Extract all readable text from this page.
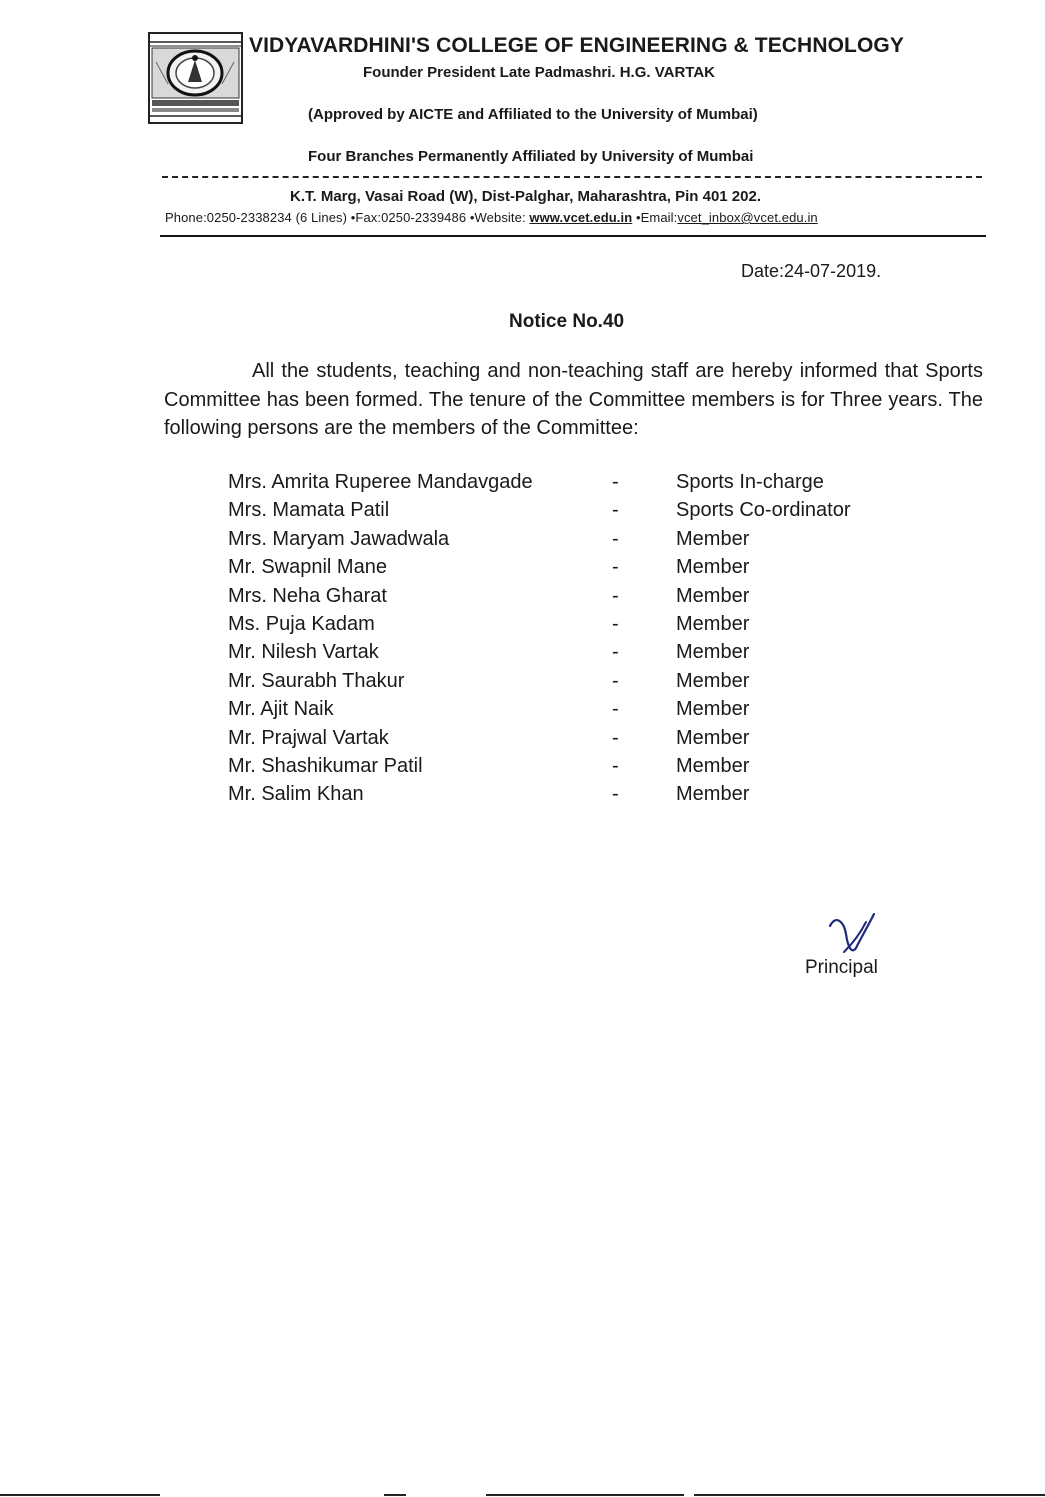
VIDYAVARDHINI'S COLLEGE OF ENGINEERING & TECHNOLOGY
Founder President Late Padmashri. H.G. VARTAK
(Approved by AICTE and Affiliated to the University of Mumbai)
Four Branches Permanently Affiliated by University of Mumbai
K.T. Marg, Vasai Road (W), Dist-Palghar, Maharashtra, Pin 401 202.
Phone:0250-2338234 (6 Lines) •Fax:0250-2339486 •Website: www.vcet.edu.in •Email:vcet_inbox@vcet.edu.in
Date:24-07-2019.
Notice No.40

All the students, teaching and non-teaching staff are hereby informed that Sports Committee has been formed. The tenure of the Committee members is for Three years. The following persons are the members of the Committee:

Mrs. Amrita Ruperee Mandavgade	-	Sports In-charge
Mrs. Mamata Patil	-	Sports Co-ordinator
Mrs. Maryam Jawadwala	-	Member
Mr. Swapnil Mane	-	Member
Mrs. Neha Gharat	-	Member
Ms. Puja Kadam	-	Member
Mr. Nilesh Vartak	-	Member
Mr. Saurabh Thakur	-	Member
Mr. Ajit Naik	-	Member
Mr. Prajwal Vartak	-	Member
Mr. Shashikumar Patil	-	Member
Mr. Salim Khan	-	Member
Principal
